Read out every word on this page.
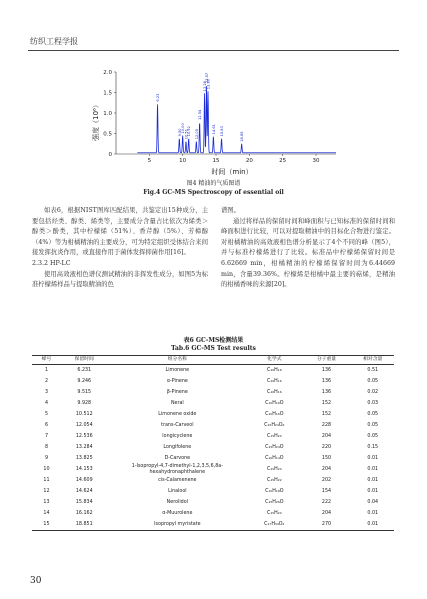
纺织工程学报
0
0.5
1.0
1.5
2.0
5	10	15	20	25	30
6.23
9.50 10.00
10.51
10.92 12.05
12.54
13.28
13.57
13.80
14.61 15.83
18.85
强度（10⁶）
时间（min）
图4 精油的气质图谱
Fig.4 GC-MS Spectroscopy of essential oil

如表6，根据NIST图库匹配结果，共鉴定出15种成分，主要包括烃类、醇类、烯类等，主要成分含量占比依次为烯类＞醇类＞酚类，其中柠檬烯（51%）、香芹醇（5%）、芳樟醇（4%）等为柑橘精油的主要成分，可为特定组织受体结合来间接发挥抗炎作用，或直接作用于菌体发挥抑菌作用[16]。

2.3.2 HP-LC

使用高效液相色谱仪测试精油的非挥发性成分，如图5为标准柠檬烯样品与提取精油的色

谱图。

通过将样品的保留时间和峰面积与已知标准的保留时间和峰面积进行比较，可以对提取精油中的目标化合物进行鉴定。对柑橘精油的高效液相色谱分析显示了4个不同的峰（图5），并与标准柠檬烯进行了比较。标准品中柠檬烯保留时间是6.62669 min，柑橘精油的柠檬烯保留时间为6.44669 min，含量39.36%。柠檬烯是柑橘中最主要的萜烯，是精油的柑橘香味的来源[20]。

表6 GC-MS检测结果
Tab.6 GC-MS Test results
峰号	保留时间	组分名称	化学式	分子重量	相对含量
1	6.231	Limonene	C₁₀H₁₆	136	0.51
2	9.246	α-Pinene	C₁₀H₁₆	136	0.05
3	9.515	β-Pinene	C₁₀H₁₆	136	0.02
4	9.928	Neral	C₁₀H₁₆O	152	0.03
5	10.512	Limonene oxide	C₁₀H₁₆O	152	0.05
6	12.054	trans-Carveol	C₁₅H₂₄O₂	228	0.05
7	12.536	longicyclene	C₁₅H₂₄	204	0.05
8	13.284	Longifolene	C₁₅H₂₄O	220	0.15
9	13.825	D-Carvone	C₁₀H₁₄O	150	0.01
10	14.153	1-Isopropyl-4,7-dimethyl-1,2,3,5,6,8a-hexahydronaphthalene	C₁₅H₂₄	204	0.01
11	14.609	cis-Calamenene	C₁₅H₂₂	202	0.01
12	14.624	Linalool	C₁₀H₁₈O	154	0.01
13	15.834	Nerolidol	C₁₅H₂₆O	222	0.04
14	16.162	α-Muurolene	C₁₅H₂₄	204	0.01
15	18.851	Isopropyl myristate	C₁₇H₃₄O₂	270	0.01
30
